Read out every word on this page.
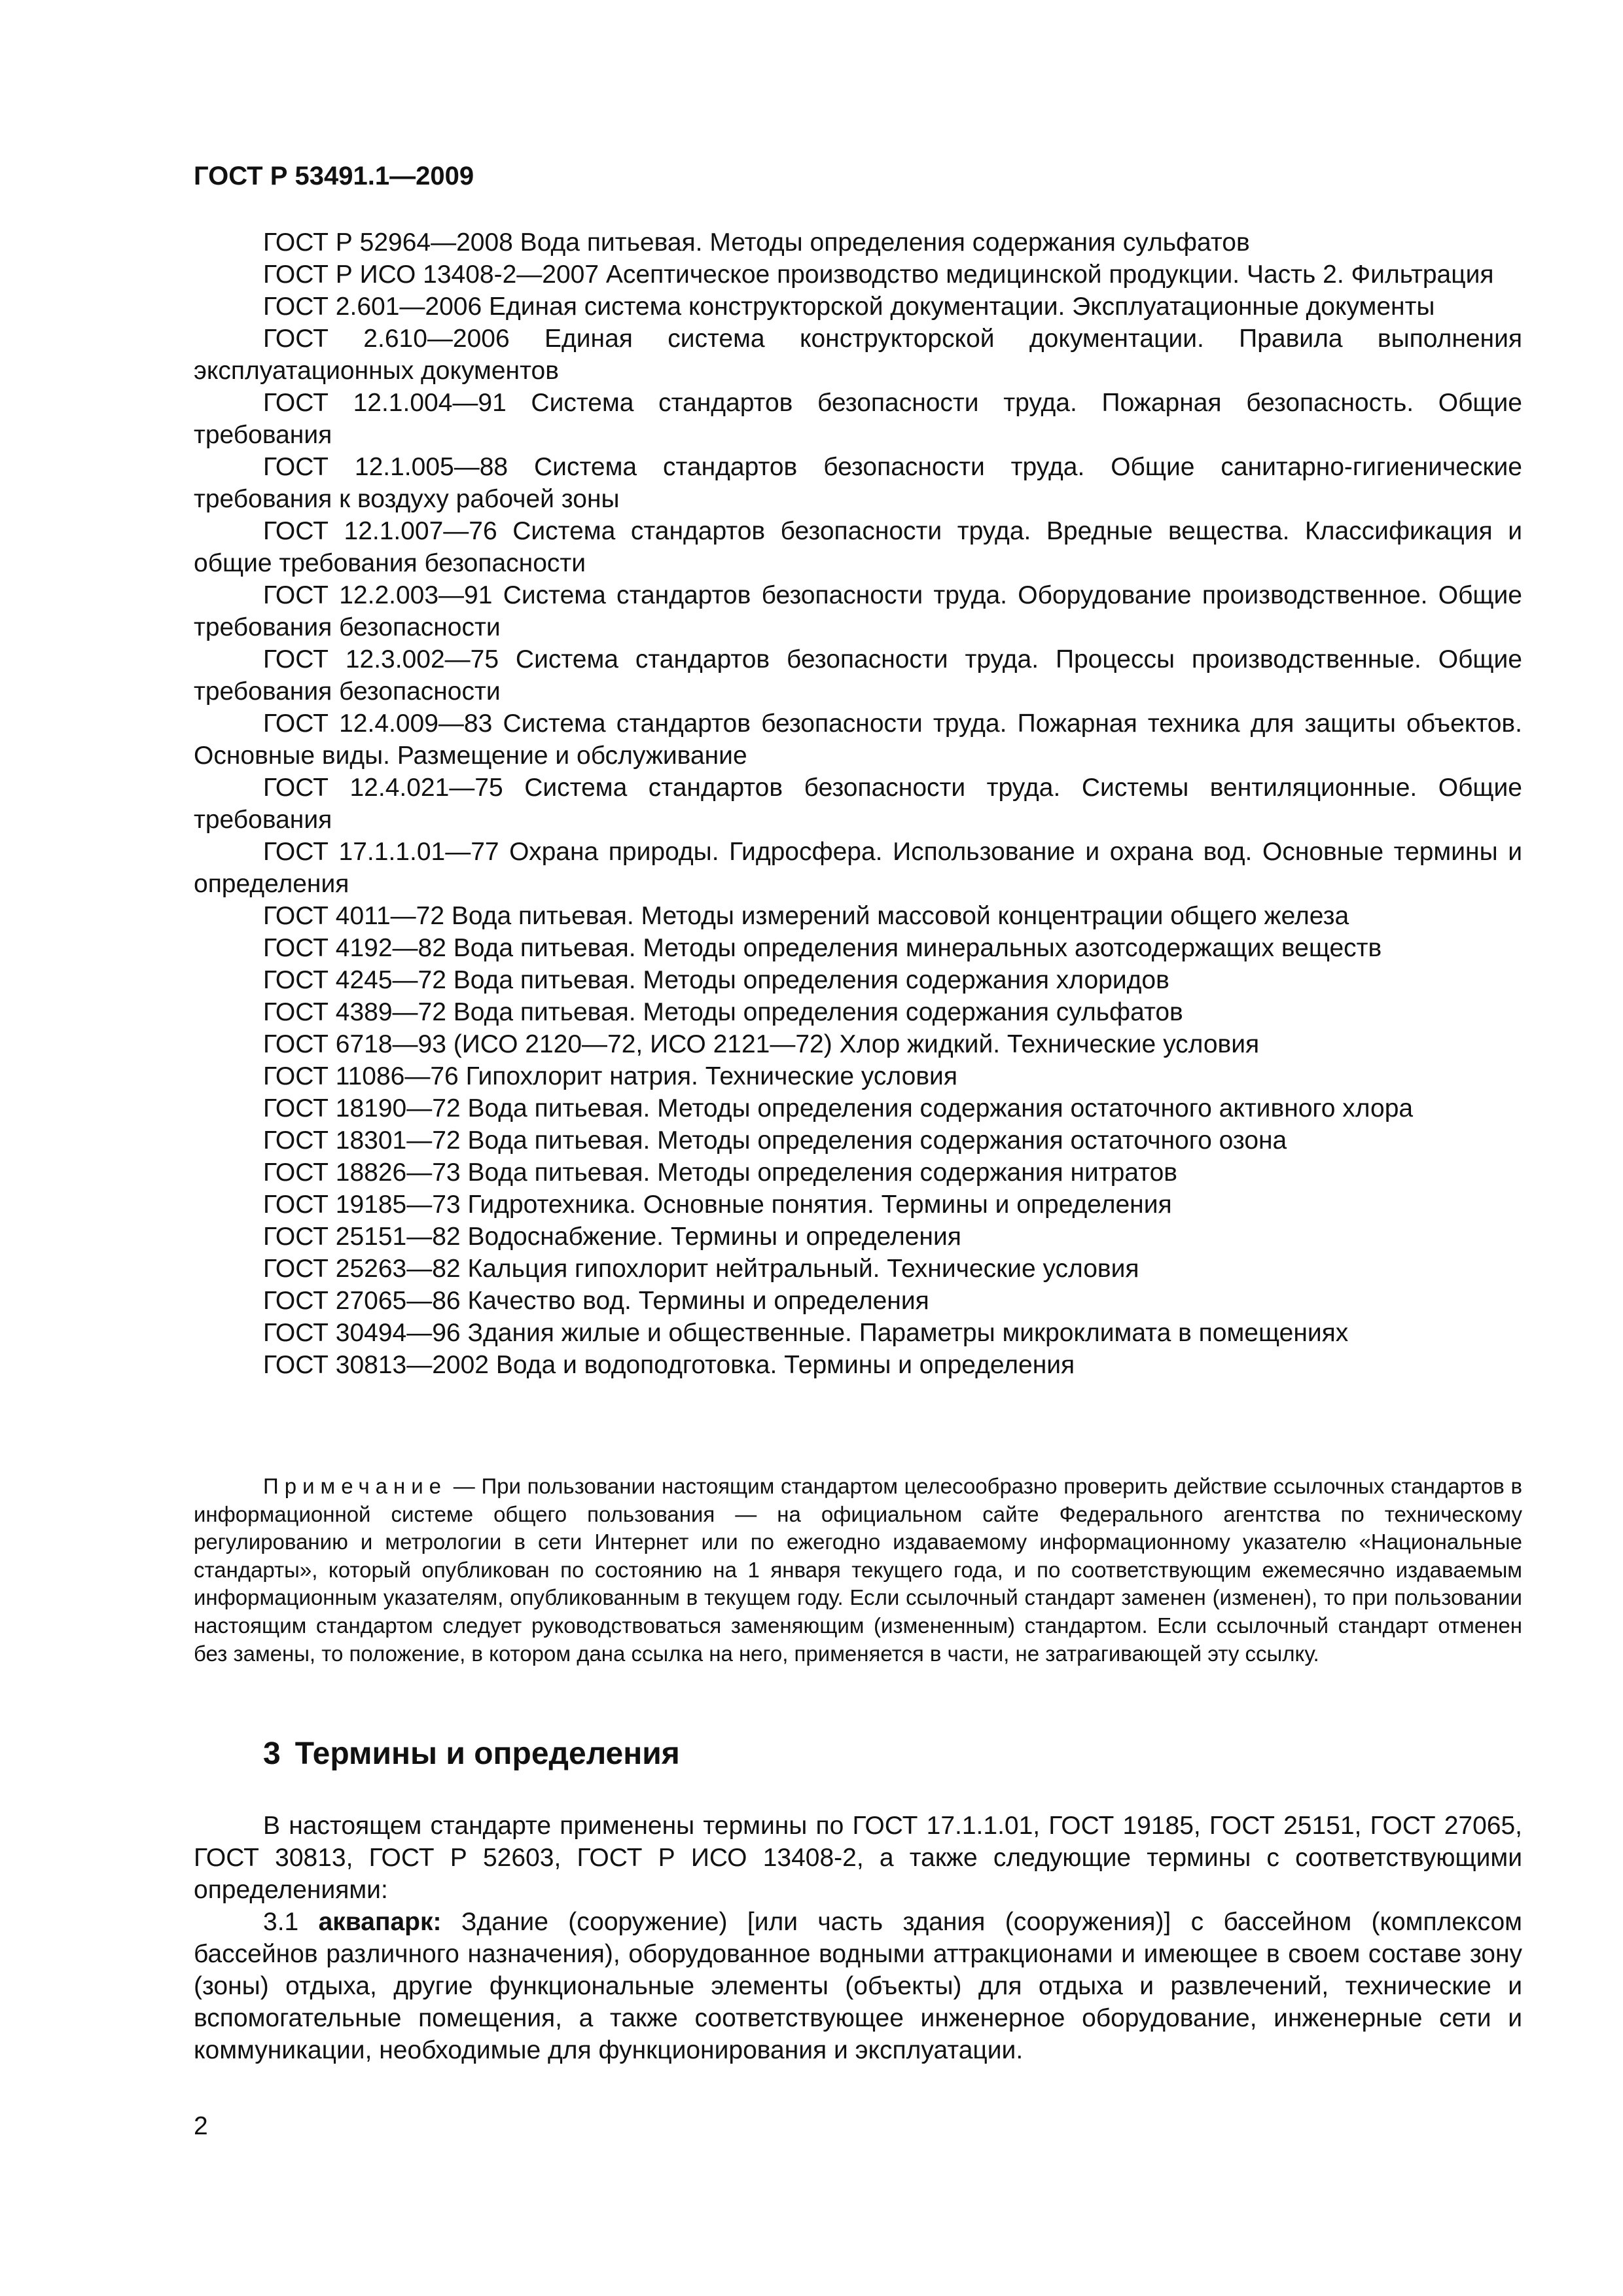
ГОСТ Р 53491.1—2009

ГОСТ Р 52964—2008 Вода питьевая. Методы определения содержания сульфатов

ГОСТ Р ИСО 13408-2—2007 Асептическое производство медицинской продукции. Часть 2. Фильтрация

ГОСТ 2.601—2006 Единая система конструкторской документации. Эксплуатационные документы

ГОСТ 2.610—2006 Единая система конструкторской документации. Правила выполнения эксплуатационных документов

ГОСТ 12.1.004—91 Система стандартов безопасности труда. Пожарная безопасность. Общие требования

ГОСТ 12.1.005—88 Система стандартов безопасности труда. Общие санитарно-гигиенические требования к воздуху рабочей зоны

ГОСТ 12.1.007—76 Система стандартов безопасности труда. Вредные вещества. Классификация и общие требования безопасности

ГОСТ 12.2.003—91 Система стандартов безопасности труда. Оборудование производственное. Общие требования безопасности

ГОСТ 12.3.002—75 Система стандартов безопасности труда. Процессы производственные. Общие требования безопасности

ГОСТ 12.4.009—83 Система стандартов безопасности труда. Пожарная техника для защиты объектов. Основные виды. Размещение и обслуживание

ГОСТ 12.4.021—75 Система стандартов безопасности труда. Системы вентиляционные. Общие требования

ГОСТ 17.1.1.01—77 Охрана природы. Гидросфера. Использование и охрана вод. Основные термины и определения

ГОСТ 4011—72 Вода питьевая. Методы измерений массовой концентрации общего железа

ГОСТ 4192—82 Вода питьевая. Методы определения минеральных азотсодержащих веществ

ГОСТ 4245—72 Вода питьевая. Методы определения содержания хлоридов

ГОСТ 4389—72 Вода питьевая. Методы определения содержания сульфатов

ГОСТ 6718—93 (ИСО 2120—72, ИСО 2121—72) Хлор жидкий. Технические условия

ГОСТ 11086—76 Гипохлорит натрия. Технические условия

ГОСТ 18190—72 Вода питьевая. Методы определения содержания остаточного активного хлора

ГОСТ 18301—72 Вода питьевая. Методы определения содержания остаточного озона

ГОСТ 18826—73 Вода питьевая. Методы определения содержания нитратов

ГОСТ 19185—73 Гидротехника. Основные понятия. Термины и определения

ГОСТ 25151—82 Водоснабжение. Термины и определения

ГОСТ 25263—82 Кальция гипохлорит нейтральный. Технические условия

ГОСТ 27065—86 Качество вод. Термины и определения

ГОСТ 30494—96 Здания жилые и общественные. Параметры микроклимата в помещениях

ГОСТ 30813—2002 Вода и водоподготовка. Термины и определения

Примечание — При пользовании настоящим стандартом целесообразно проверить действие ссылочных стандартов в информационной системе общего пользования — на официальном сайте Федерального агентства по техническому регулированию и метрологии в сети Интернет или по ежегодно издаваемому информационному указателю «Национальные стандарты», который опубликован по состоянию на 1 января текущего года, и по соответствующим ежемесячно издаваемым информационным указателям, опубликованным в текущем году. Если ссылочный стандарт заменен (изменен), то при пользовании настоящим стандартом следует руководствоваться заменяющим (измененным) стандартом. Если ссылочный стандарт отменен без замены, то положение, в котором дана ссылка на него, применяется в части, не затрагивающей эту ссылку.

3 Термины и определения

В настоящем стандарте применены термины по ГОСТ 17.1.1.01, ГОСТ 19185, ГОСТ 25151, ГОСТ 27065, ГОСТ 30813, ГОСТ Р 52603, ГОСТ Р ИСО 13408-2, а также следующие термины с соответствующими определениями:

3.1 аквапарк: Здание (сооружение) [или часть здания (сооружения)] с бассейном (комплексом бассейнов различного назначения), оборудованное водными аттракционами и имеющее в своем составе зону (зоны) отдыха, другие функциональные элементы (объекты) для отдыха и развлечений, технические и вспомогательные помещения, а также соответствующее инженерное оборудование, инженерные сети и коммуникации, необходимые для функционирования и эксплуатации.

2
